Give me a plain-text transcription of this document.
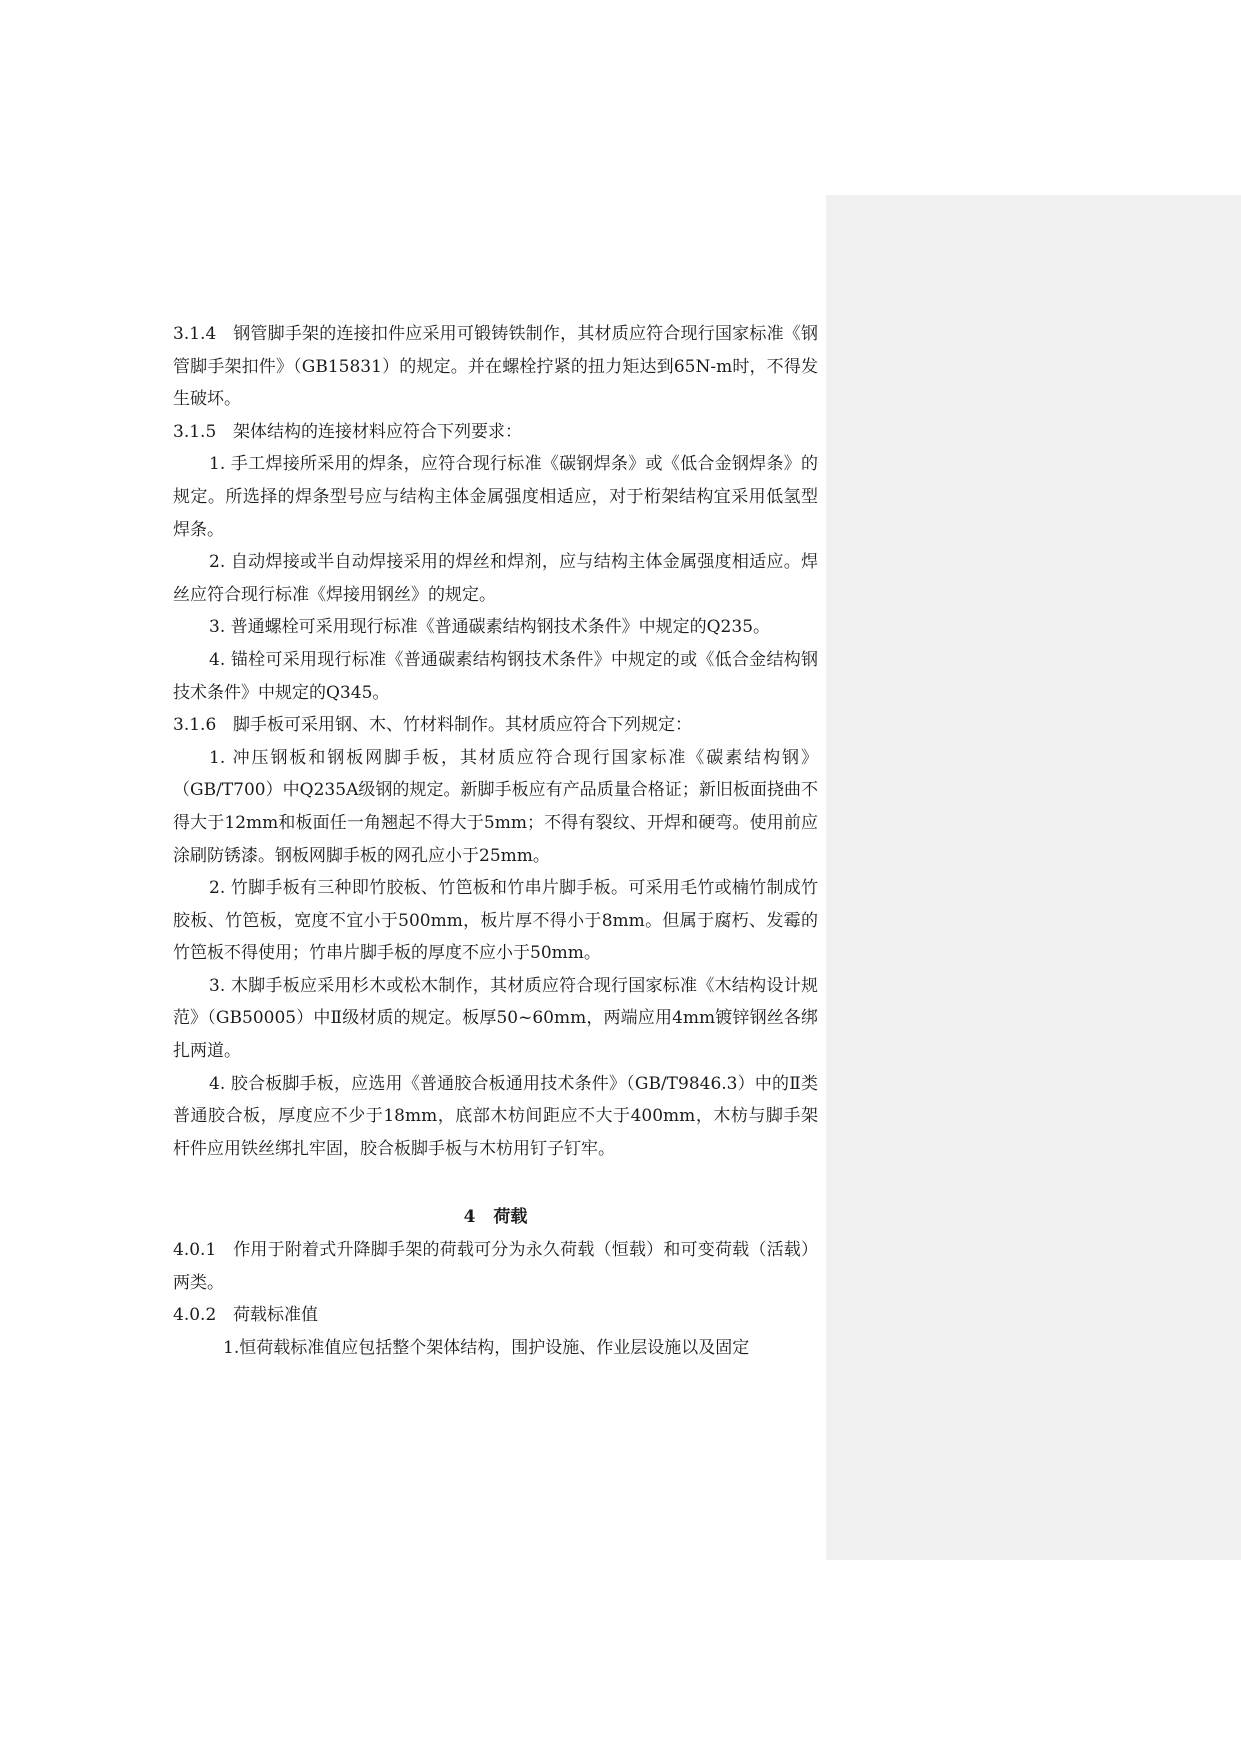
3.1.4 钢管脚手架的连接扣件应采用可锻铸铁制作，其材质应符合现行国家标准《钢管脚手架扣件》（GB15831）的规定。并在螺栓拧紧的扭力矩达到65N-m时，不得发生破坏。

3.1.5 架体结构的连接材料应符合下列要求：

1. 手工焊接所采用的焊条，应符合现行标准《碳钢焊条》或《低合金钢焊条》的规定。所选择的焊条型号应与结构主体金属强度相适应，对于桁架结构宜采用低氢型焊条。

2. 自动焊接或半自动焊接采用的焊丝和焊剂，应与结构主体金属强度相适应。焊丝应符合现行标准《焊接用钢丝》的规定。

3. 普通螺栓可采用现行标准《普通碳素结构钢技术条件》中规定的Q235。

4. 锚栓可采用现行标准《普通碳素结构钢技术条件》中规定的或《低合金结构钢技术条件》中规定的Q345。

3.1.6 脚手板可采用钢、木、竹材料制作。其材质应符合下列规定：

1. 冲压钢板和钢板网脚手板，其材质应符合现行国家标准《碳素结构钢》（GB/T700）中Q235A级钢的规定。新脚手板应有产品质量合格证；新旧板面挠曲不得大于12mm和板面任一角翘起不得大于5mm；不得有裂纹、开焊和硬弯。使用前应涂刷防锈漆。钢板网脚手板的网孔应小于25mm。

2. 竹脚手板有三种即竹胶板、竹笆板和竹串片脚手板。可采用毛竹或楠竹制成竹胶板、竹笆板，宽度不宜小于500mm，板片厚不得小于8mm。但属于腐朽、发霉的竹笆板不得使用；竹串片脚手板的厚度不应小于50mm。

3. 木脚手板应采用杉木或松木制作，其材质应符合现行国家标准《木结构设计规范》（GB50005）中Ⅱ级材质的规定。板厚50~60mm，两端应用4mm镀锌钢丝各绑扎两道。

4. 胶合板脚手板，应选用《普通胶合板通用技术条件》（GB/T9846.3）中的Ⅱ类普通胶合板，厚度应不少于18mm，底部木枋间距应不大于400mm，木枋与脚手架杆件应用铁丝绑扎牢固，胶合板脚手板与木枋用钉子钉牢。

4 荷载

4.0.1 作用于附着式升降脚手架的荷载可分为永久荷载（恒载）和可变荷载（活载）两类。

4.0.2 荷载标准值

1.恒荷载标准值应包括整个架体结构，围护设施、作业层设施以及固定
